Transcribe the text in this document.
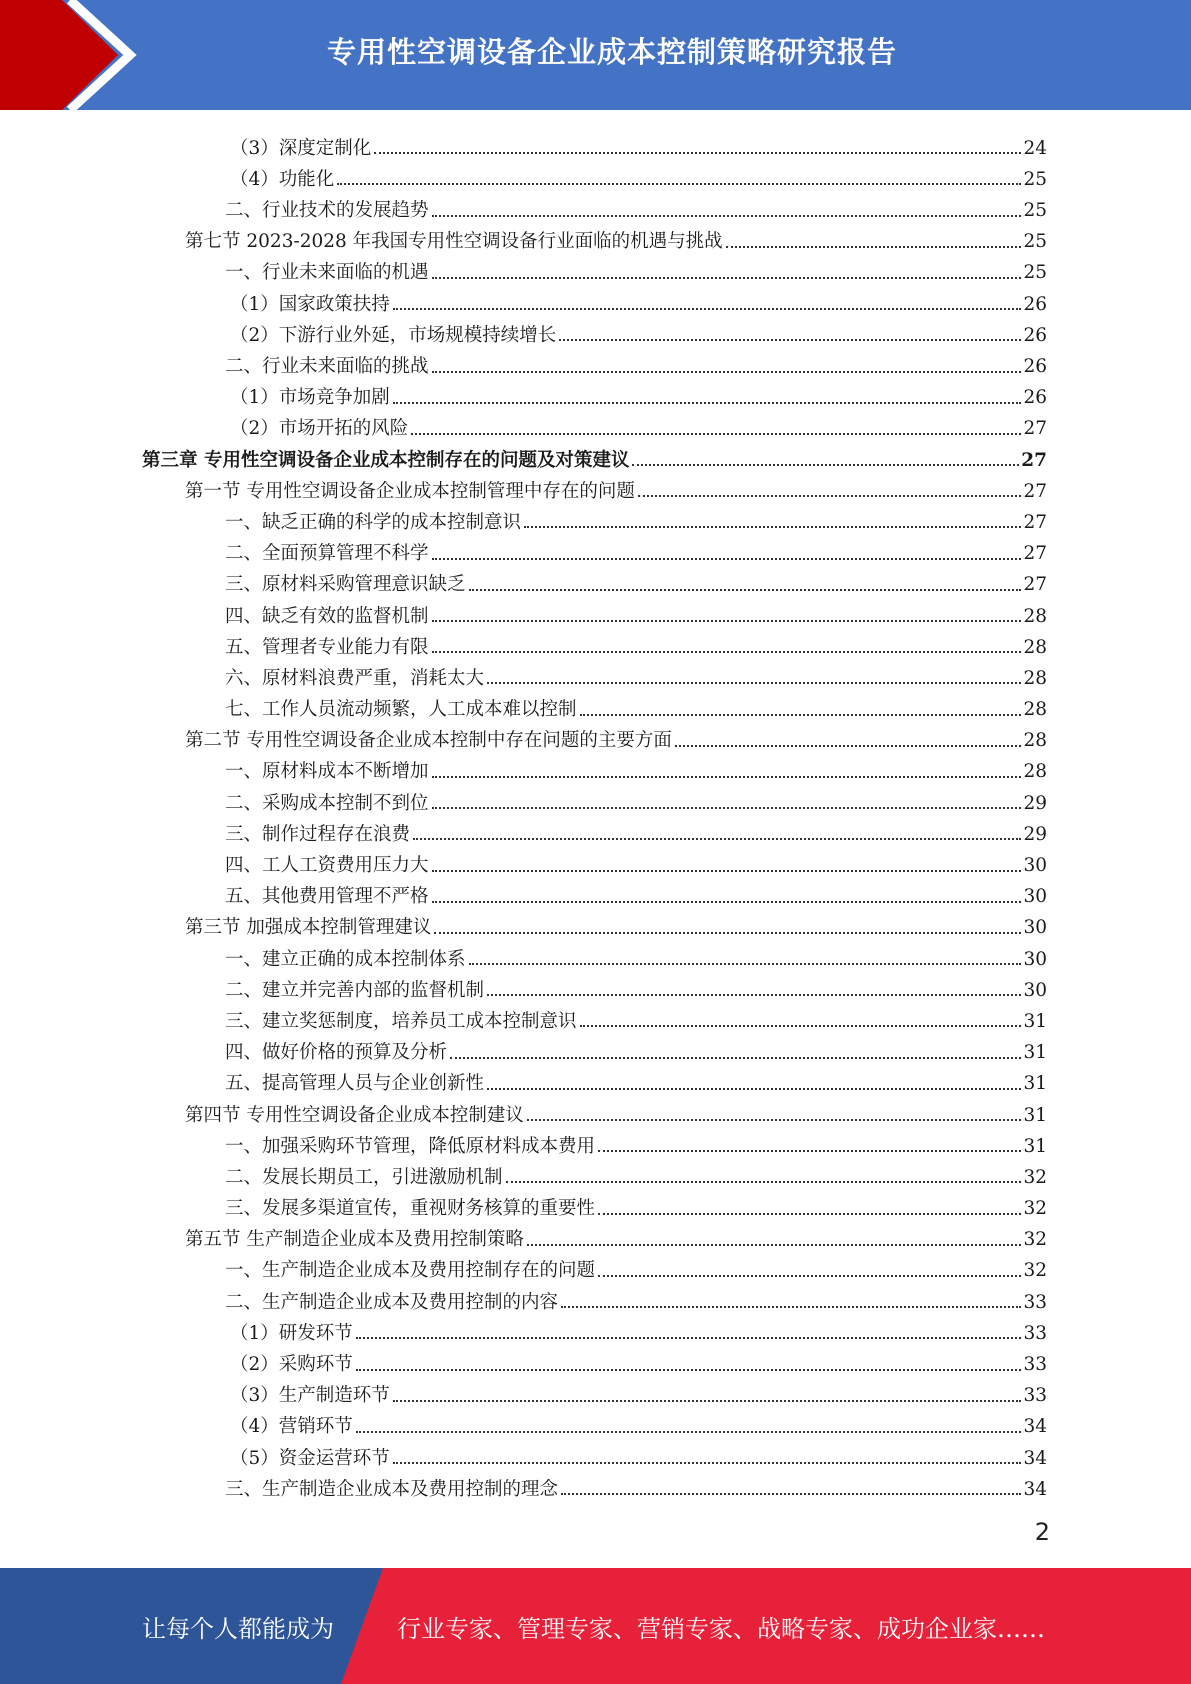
专用性空调设备企业成本控制策略研究报告
（3）深度定制化	24
（4）功能化	25
二、行业技术的发展趋势	25
第七节 2023-2028 年我国专用性空调设备行业面临的机遇与挑战	25
一、行业未来面临的机遇	25
（1）国家政策扶持	26
（2）下游行业外延，市场规模持续增长	26
二、行业未来面临的挑战	26
（1）市场竞争加剧	26
（2）市场开拓的风险	27
第三章 专用性空调设备企业成本控制存在的问题及对策建议	27
第一节 专用性空调设备企业成本控制管理中存在的问题	27
一、缺乏正确的科学的成本控制意识	27
二、全面预算管理不科学	27
三、原材料采购管理意识缺乏	27
四、缺乏有效的监督机制	28
五、管理者专业能力有限	28
六、原材料浪费严重，消耗太大	28
七、工作人员流动频繁，人工成本难以控制	28
第二节 专用性空调设备企业成本控制中存在问题的主要方面	28
一、原材料成本不断增加	28
二、采购成本控制不到位	29
三、制作过程存在浪费	29
四、工人工资费用压力大	30
五、其他费用管理不严格	30
第三节 加强成本控制管理建议	30
一、建立正确的成本控制体系	30
二、建立并完善内部的监督机制	30
三、建立奖惩制度，培养员工成本控制意识	31
四、做好价格的预算及分析	31
五、提高管理人员与企业创新性	31
第四节 专用性空调设备企业成本控制建议	31
一、加强采购环节管理，降低原材料成本费用	31
二、发展长期员工，引进激励机制	32
三、发展多渠道宣传，重视财务核算的重要性	32
第五节 生产制造企业成本及费用控制策略	32
一、生产制造企业成本及费用控制存在的问题	32
二、生产制造企业成本及费用控制的内容	33
（1）研发环节	33
（2）采购环节	33
（3）生产制造环节	33
（4）营销环节	34
（5）资金运营环节	34
三、生产制造企业成本及费用控制的理念	34
2
让每个人都能成为	行业专家、管理专家、营销专家、战略专家、成功企业家……
